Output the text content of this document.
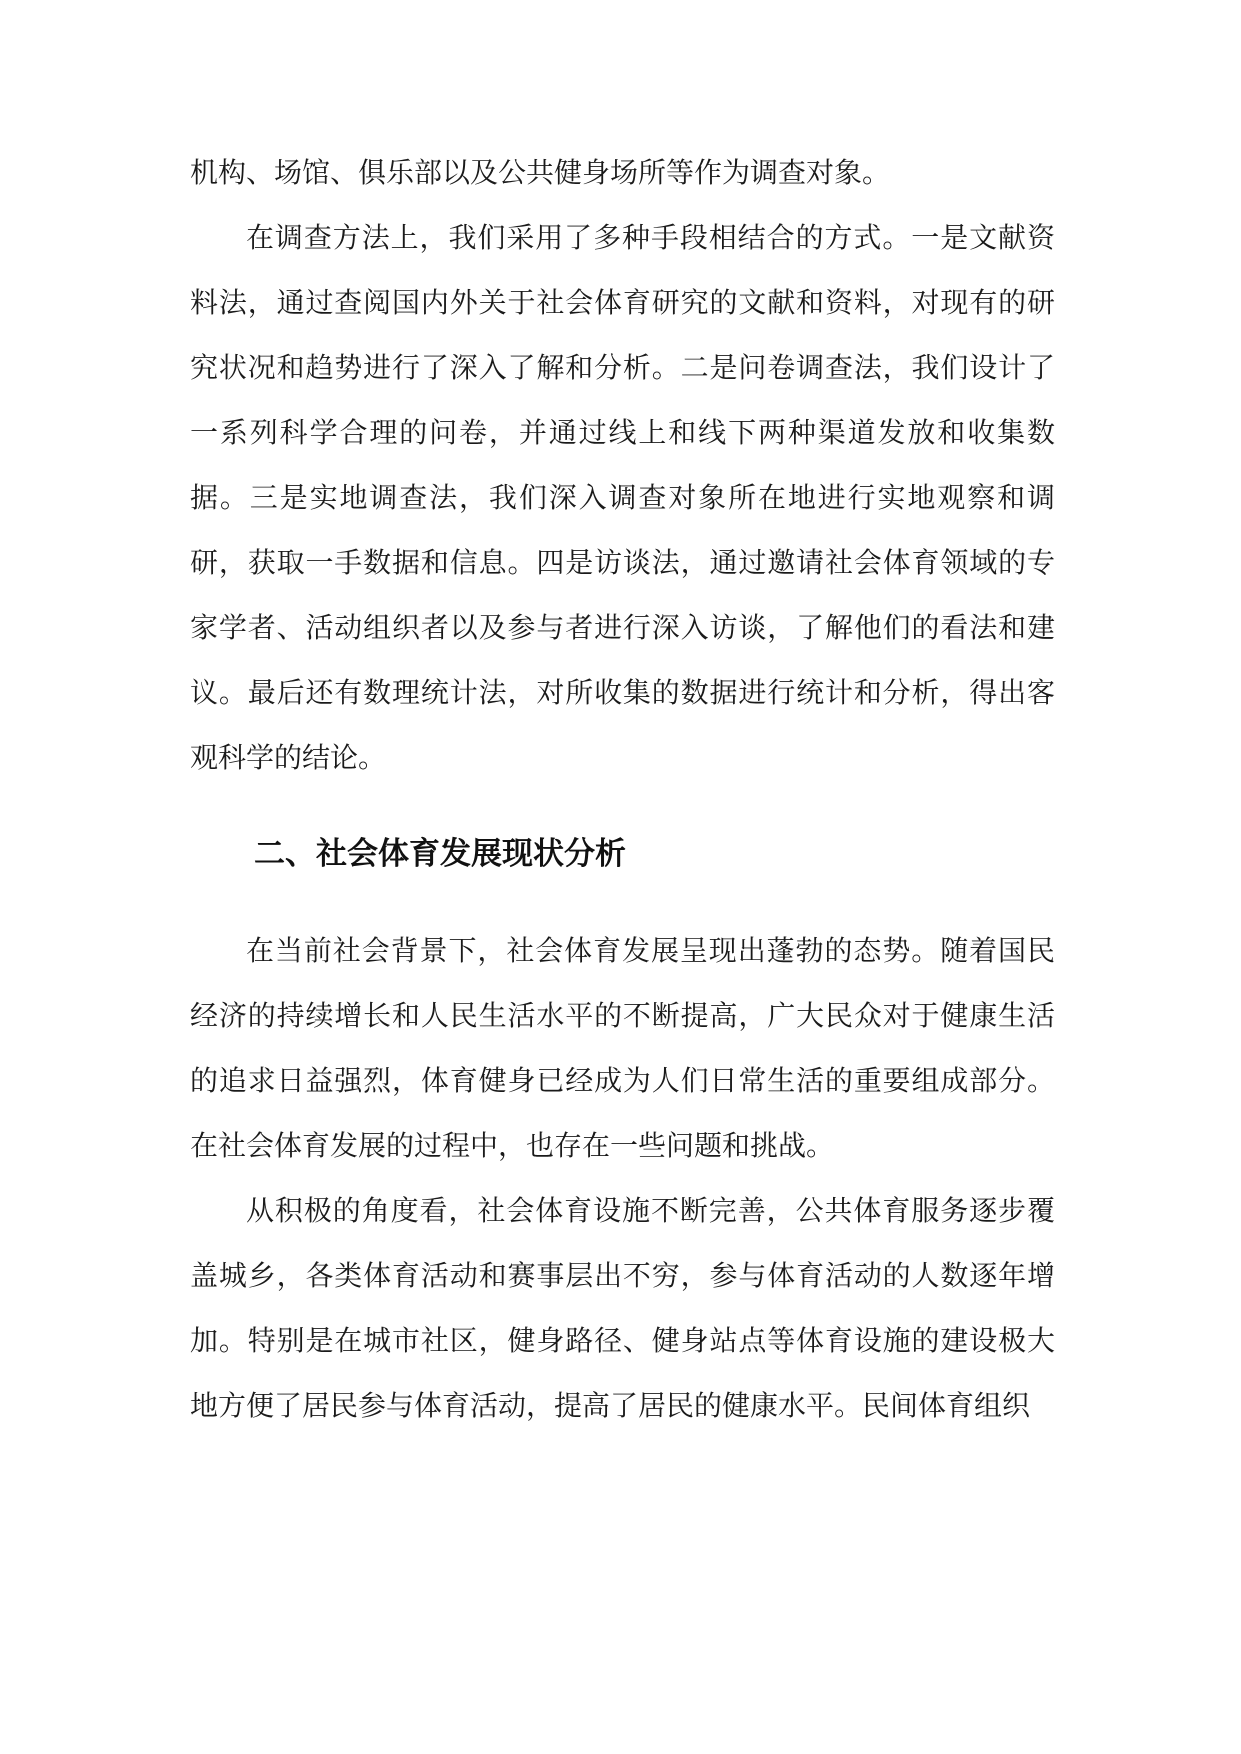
机构、场馆、俱乐部以及公共健身场所等作为调查对象。

在调查方法上，我们采用了多种手段相结合的方式。一是文献资料法，通过查阅国内外关于社会体育研究的文献和资料，对现有的研究状况和趋势进行了深入了解和分析。二是问卷调查法，我们设计了一系列科学合理的问卷，并通过线上和线下两种渠道发放和收集数据。三是实地调查法，我们深入调查对象所在地进行实地观察和调研，获取一手数据和信息。四是访谈法，通过邀请社会体育领域的专家学者、活动组织者以及参与者进行深入访谈，了解他们的看法和建议。最后还有数理统计法，对所收集的数据进行统计和分析，得出客观科学的结论。

二、社会体育发展现状分析

在当前社会背景下，社会体育发展呈现出蓬勃的态势。随着国民经济的持续增长和人民生活水平的不断提高，广大民众对于健康生活的追求日益强烈，体育健身已经成为人们日常生活的重要组成部分。在社会体育发展的过程中，也存在一些问题和挑战。

从积极的角度看，社会体育设施不断完善，公共体育服务逐步覆盖城乡，各类体育活动和赛事层出不穷，参与体育活动的人数逐年增加。特别是在城市社区，健身路径、健身站点等体育设施的建设极大地方便了居民参与体育活动，提高了居民的健康水平。民间体育组织
